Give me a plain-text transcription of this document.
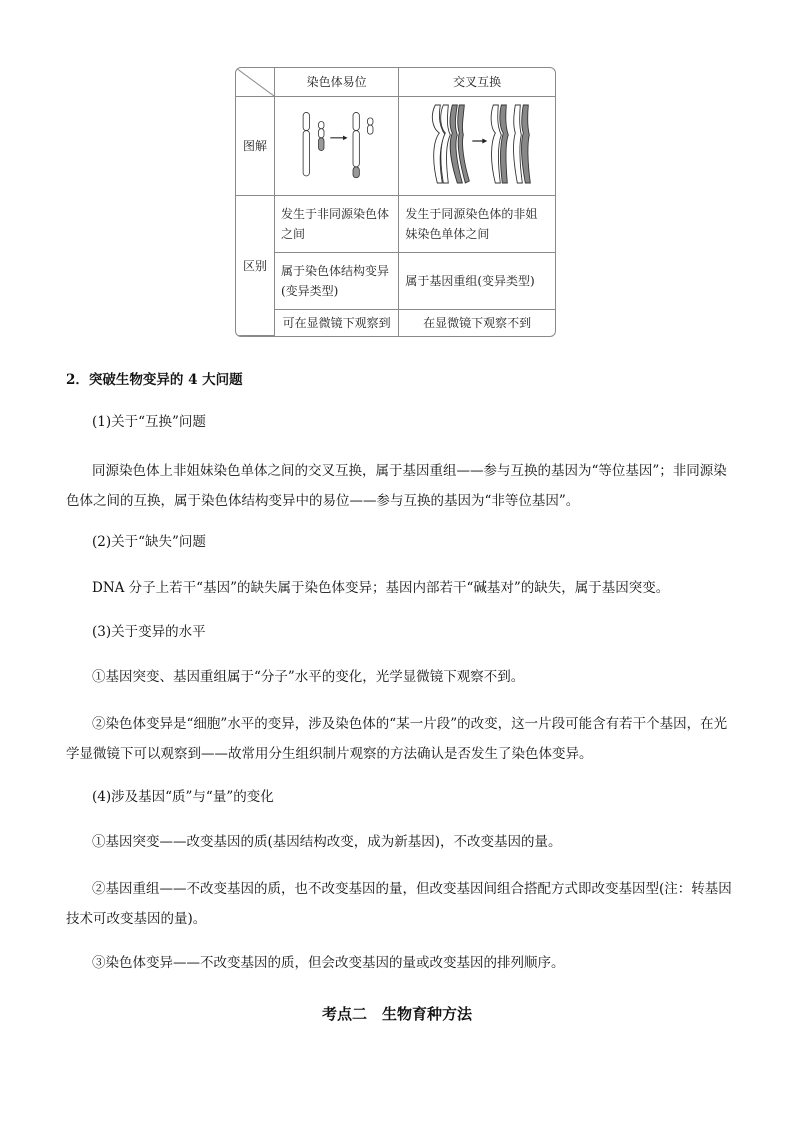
	染色体易位	交叉互换
图解	

区别	发生于非同源染色体之间	发生于同源染色体的非姐妹染色单体之间
	属于染色体结构变异(变异类型)	属于基因重组(变异类型)
	可在显微镜下观察到	在显微镜下观察不到

2．突破生物变异的 4 大问题

(1)关于“互换”问题

同源染色体上非姐妹染色单体之间的交叉互换，属于基因重组——参与互换的基因为“等位基因”；非同源染色体之间的互换，属于染色体结构变异中的易位——参与互换的基因为“非等位基因”。

(2)关于“缺失”问题

DNA 分子上若干“基因”的缺失属于染色体变异；基因内部若干“碱基对”的缺失，属于基因突变。

(3)关于变异的水平

①基因突变、基因重组属于“分子”水平的变化，光学显微镜下观察不到。

②染色体变异是“细胞”水平的变异，涉及染色体的“某一片段”的改变，这一片段可能含有若干个基因，在光学显微镜下可以观察到——故常用分生组织制片观察的方法确认是否发生了染色体变异。

(4)涉及基因“质”与“量”的变化

①基因突变——改变基因的质(基因结构改变，成为新基因)，不改变基因的量。

②基因重组——不改变基因的质，也不改变基因的量，但改变基因间组合搭配方式即改变基因型(注：转基因技术可改变基因的量)。

③染色体变异——不改变基因的质，但会改变基因的量或改变基因的排列顺序。

考点二　生物育种方法
